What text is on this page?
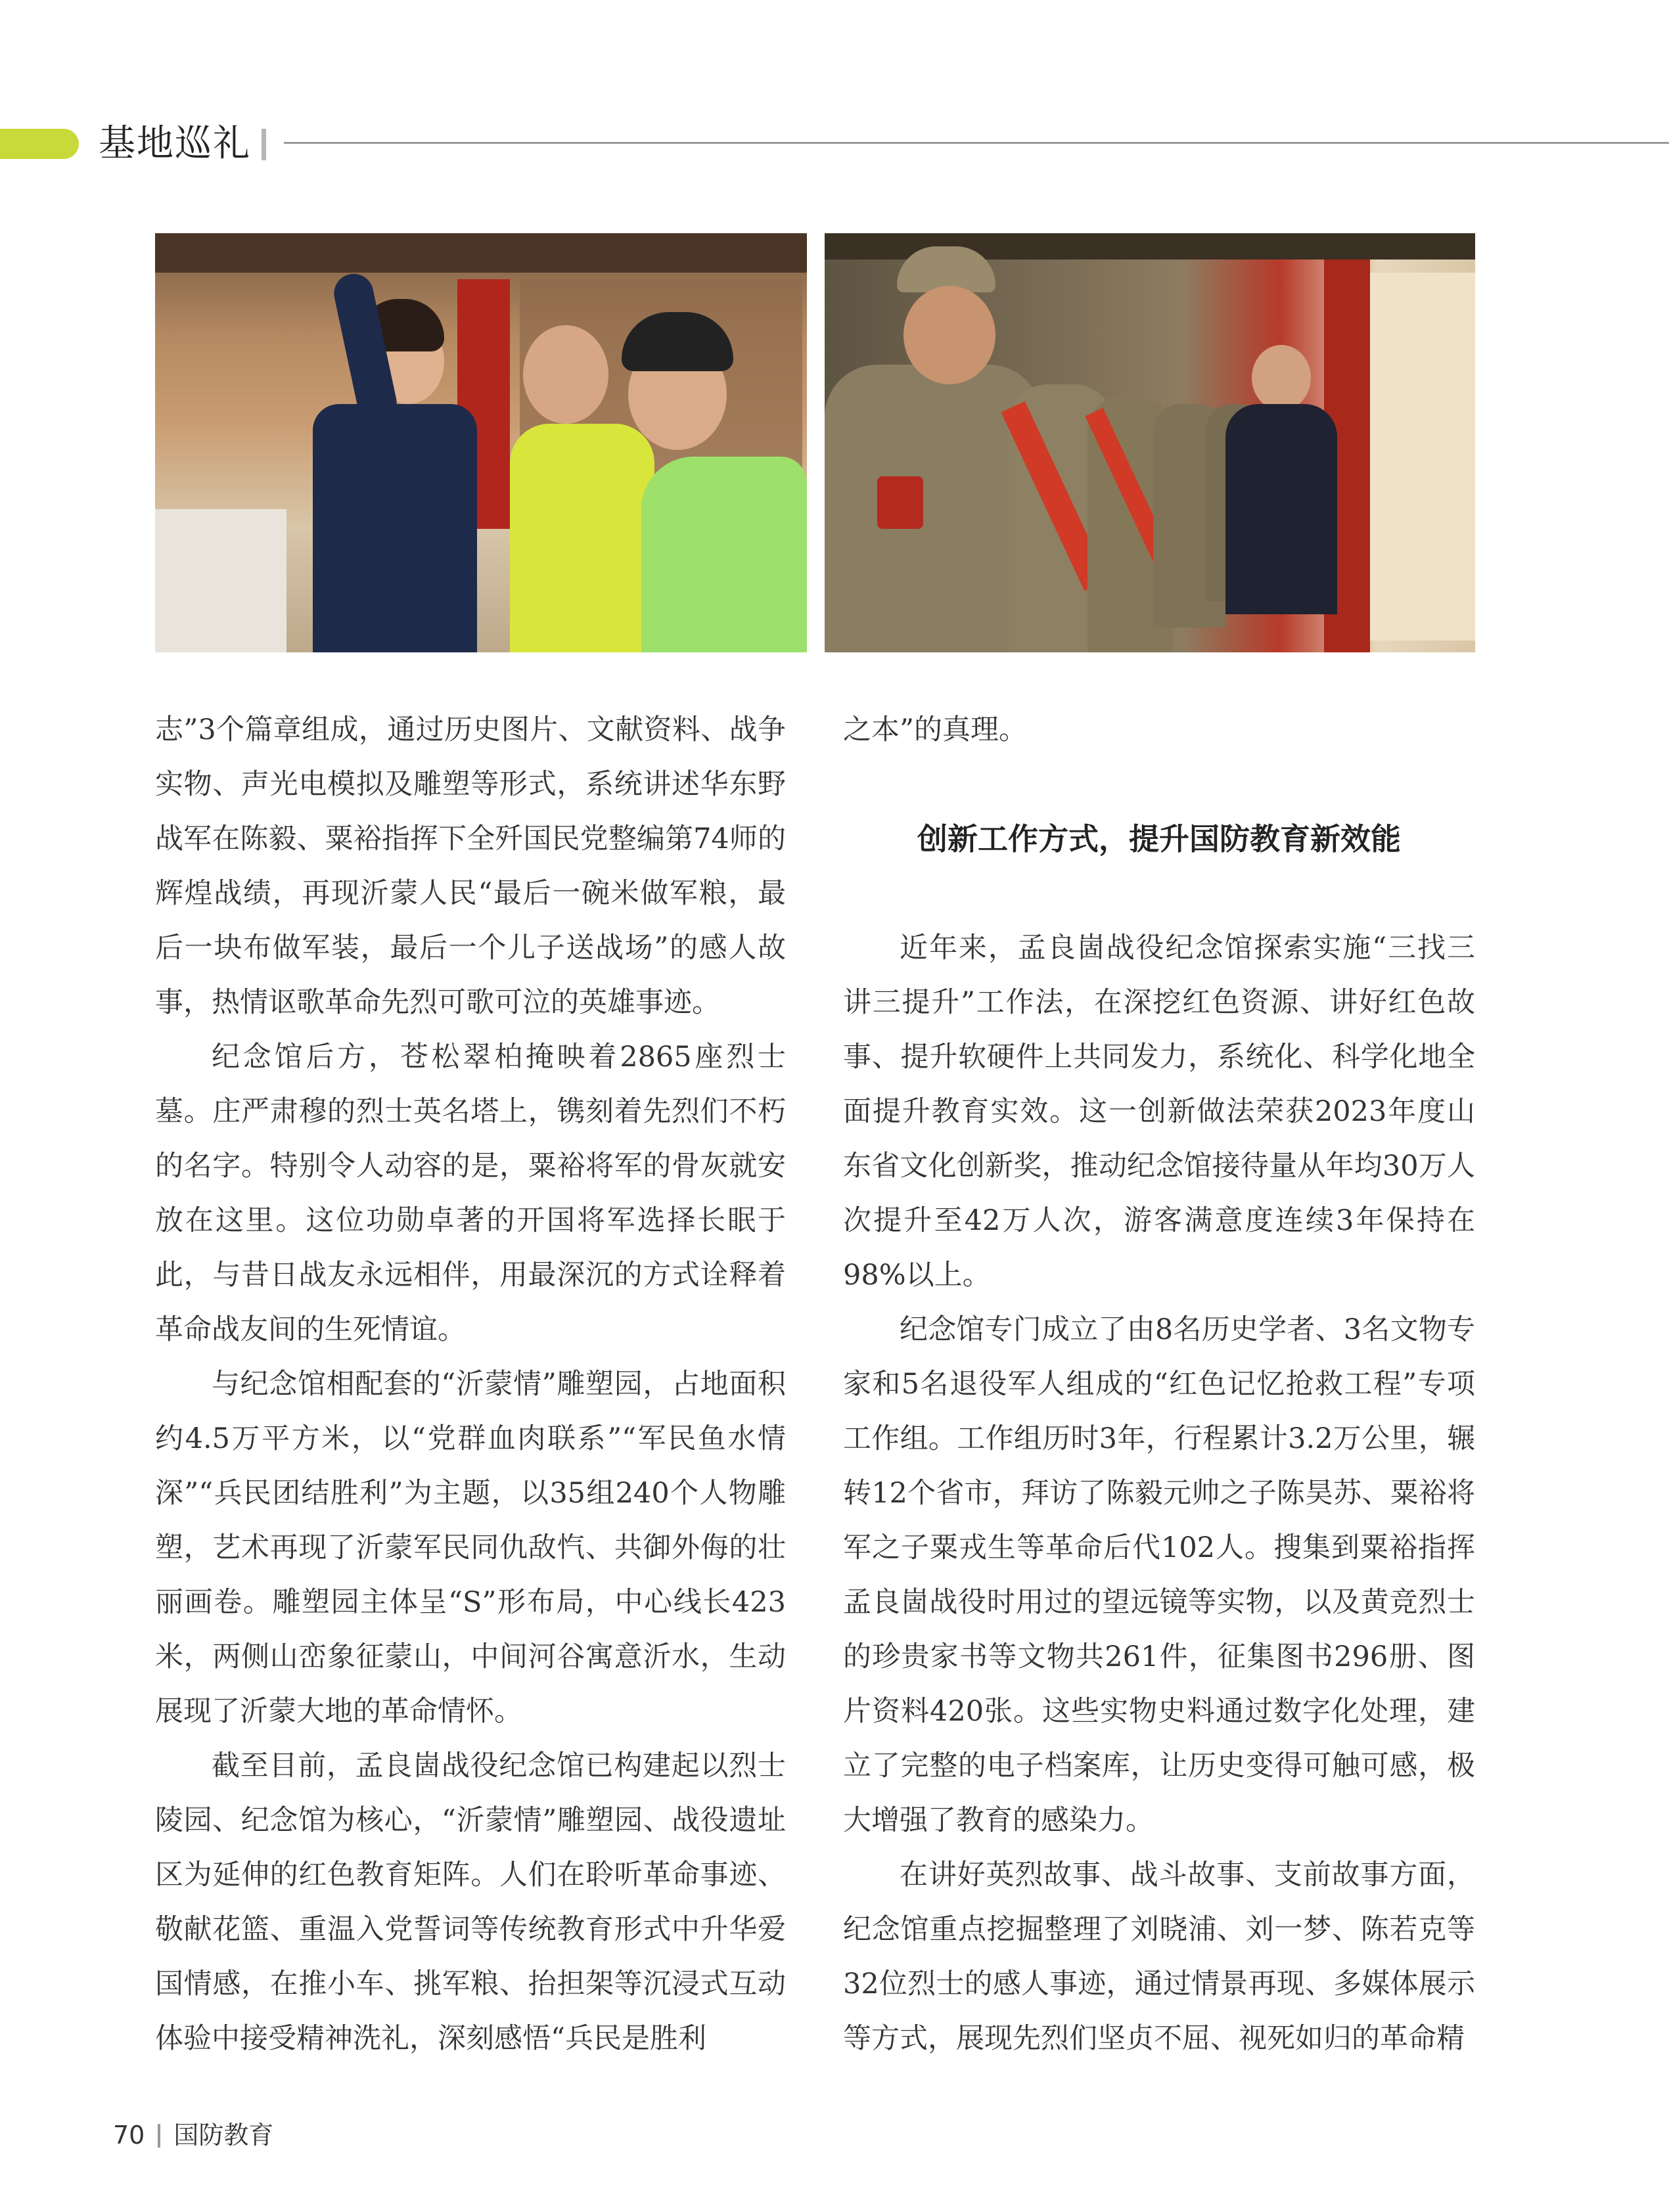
基地巡礼

志”3个篇章组成，通过历史图片、文献资料、战争实物、声光电模拟及雕塑等形式，系统讲述华东野战军在陈毅、粟裕指挥下全歼国民党整编第74师的辉煌战绩，再现沂蒙人民“最后一碗米做军粮，最后一块布做军装，最后一个儿子送战场”的感人故事，热情讴歌革命先烈可歌可泣的英雄事迹。

纪念馆后方，苍松翠柏掩映着2865座烈士墓。庄严肃穆的烈士英名塔上，镌刻着先烈们不朽的名字。特别令人动容的是，粟裕将军的骨灰就安放在这里。这位功勋卓著的开国将军选择长眠于此，与昔日战友永远相伴，用最深沉的方式诠释着革命战友间的生死情谊。

与纪念馆相配套的“沂蒙情”雕塑园，占地面积约4.5万平方米，以“党群血肉联系”“军民鱼水情深”“兵民团结胜利”为主题，以35组240个人物雕塑，艺术再现了沂蒙军民同仇敌忾、共御外侮的壮丽画卷。雕塑园主体呈“S”形布局，中心线长423米，两侧山峦象征蒙山，中间河谷寓意沂水，生动展现了沂蒙大地的革命情怀。

截至目前，孟良崮战役纪念馆已构建起以烈士陵园、纪念馆为核心，“沂蒙情”雕塑园、战役遗址区为延伸的红色教育矩阵。人们在聆听革命事迹、敬献花篮、重温入党誓词等传统教育形式中升华爱国情感，在推小车、挑军粮、抬担架等沉浸式互动体验中接受精神洗礼，深刻感悟“兵民是胜利

之本”的真理。

创新工作方式，提升国防教育新效能

近年来，孟良崮战役纪念馆探索实施“三找三讲三提升”工作法，在深挖红色资源、讲好红色故事、提升软硬件上共同发力，系统化、科学化地全面提升教育实效。这一创新做法荣获2023年度山东省文化创新奖，推动纪念馆接待量从年均30万人次提升至42万人次，游客满意度连续3年保持在98%以上。

纪念馆专门成立了由8名历史学者、3名文物专家和5名退役军人组成的“红色记忆抢救工程”专项工作组。工作组历时3年，行程累计3.2万公里，辗转12个省市，拜访了陈毅元帅之子陈昊苏、粟裕将军之子粟戎生等革命后代102人。搜集到粟裕指挥孟良崮战役时用过的望远镜等实物，以及黄竞烈士的珍贵家书等文物共261件，征集图书296册、图片资料420张。这些实物史料通过数字化处理，建立了完整的电子档案库，让历史变得可触可感，极大增强了教育的感染力。

在讲好英烈故事、战斗故事、支前故事方面，纪念馆重点挖掘整理了刘晓浦、刘一梦、陈若克等32位烈士的感人事迹，通过情景再现、多媒体展示等方式，展现先烈们坚贞不屈、视死如归的革命精

70 国防教育
